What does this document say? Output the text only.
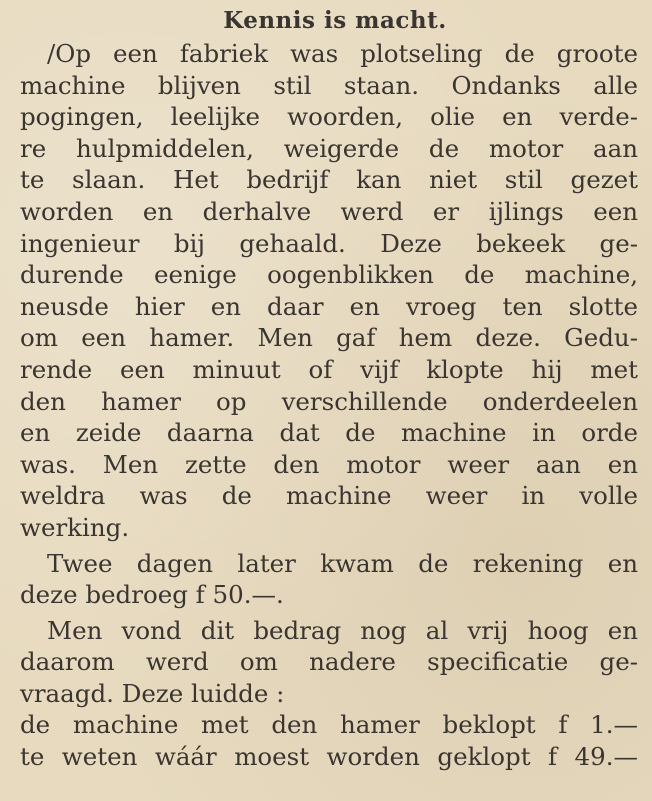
Kennis is macht.
/Op een fabriek was plotseling de groote
machine blijven stil staan. Ondanks alle
pogingen, leelijke woorden, olie en verde-
re hulpmiddelen, weigerde de motor aan
te slaan. Het bedrijf kan niet stil gezet
worden en derhalve werd er ijlings een
ingenieur bij gehaald. Deze bekeek ge-
durende eenige oogenblikken de machine,
neusde hier en daar en vroeg ten slotte
om een hamer. Men gaf hem deze. Gedu-
rende een minuut of vijf klopte hij met
den hamer op verschillende onderdeelen
en zeide daarna dat de machine in orde
was. Men zette den motor weer aan en
weldra was de machine weer in volle
werking.
Twee dagen later kwam de rekening en
deze bedroeg f 50.—.
Men vond dit bedrag nog al vrij hoog en
daarom werd om nadere specificatie ge-
vraagd. Deze luidde :
de machine met den hamer beklopt f 1.—
te weten wáár moest worden geklopt f 49.—
